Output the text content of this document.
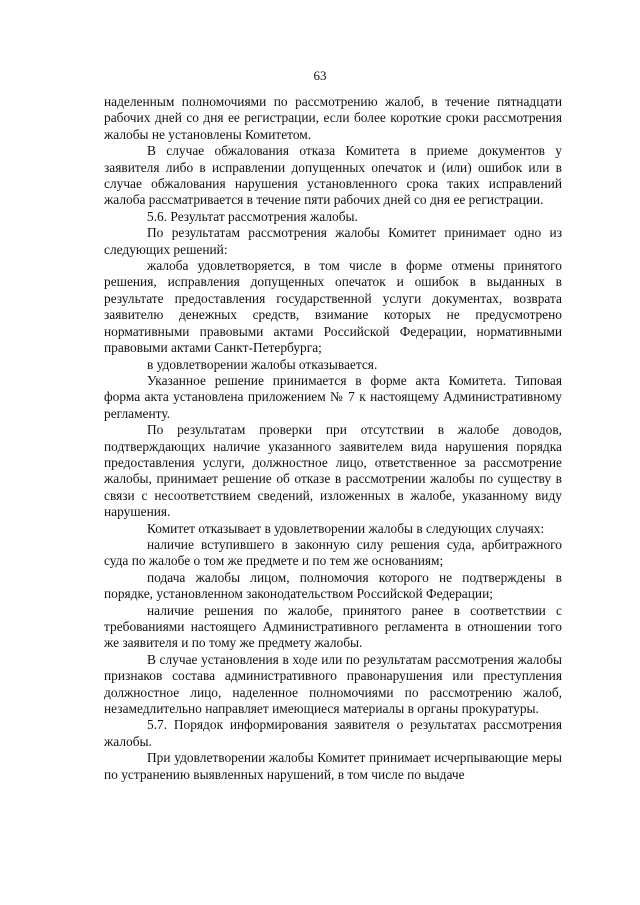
63

наделенным полномочиями по рассмотрению жалоб, в течение пятнадцати рабочих дней со дня ее регистрации, если более короткие сроки рассмотрения жалобы не установлены Комитетом.

В случае обжалования отказа Комитета в приеме документов у заявителя либо в исправлении допущенных опечаток и (или) ошибок или в случае обжалования нарушения установленного срока таких исправлений жалоба рассматривается в течение пяти рабочих дней со дня ее регистрации.

5.6. Результат рассмотрения жалобы.

По результатам рассмотрения жалобы Комитет принимает одно из следующих решений:

жалоба удовлетворяется, в том числе в форме отмены принятого решения, исправления допущенных опечаток и ошибок в выданных в результате предоставления государственной услуги документах, возврата заявителю денежных средств, взимание которых не предусмотрено нормативными правовыми актами Российской Федерации, нормативными правовыми актами Санкт-Петербурга;

в удовлетворении жалобы отказывается.

Указанное решение принимается в форме акта Комитета. Типовая форма акта установлена приложением № 7 к настоящему Административному регламенту.

По результатам проверки при отсутствии в жалобе доводов, подтверждающих наличие указанного заявителем вида нарушения порядка предоставления услуги, должностное лицо, ответственное за рассмотрение жалобы, принимает решение об отказе в рассмотрении жалобы по существу в связи с несоответствием сведений, изложенных в жалобе, указанному виду нарушения.

Комитет отказывает в удовлетворении жалобы в следующих случаях:

наличие вступившего в законную силу решения суда, арбитражного суда по жалобе о том же предмете и по тем же основаниям;

подача жалобы лицом, полномочия которого не подтверждены в порядке, установленном законодательством Российской Федерации;

наличие решения по жалобе, принятого ранее в соответствии с требованиями настоящего Административного регламента в отношении того же заявителя и по тому же предмету жалобы.

В случае установления в ходе или по результатам рассмотрения жалобы признаков состава административного правонарушения или преступления должностное лицо, наделенное полномочиями по рассмотрению жалоб, незамедлительно направляет имеющиеся материалы в органы прокуратуры.

5.7. Порядок информирования заявителя о результатах рассмотрения жалобы.

При удовлетворении жалобы Комитет принимает исчерпывающие меры по устранению выявленных нарушений, в том числе по выдаче
